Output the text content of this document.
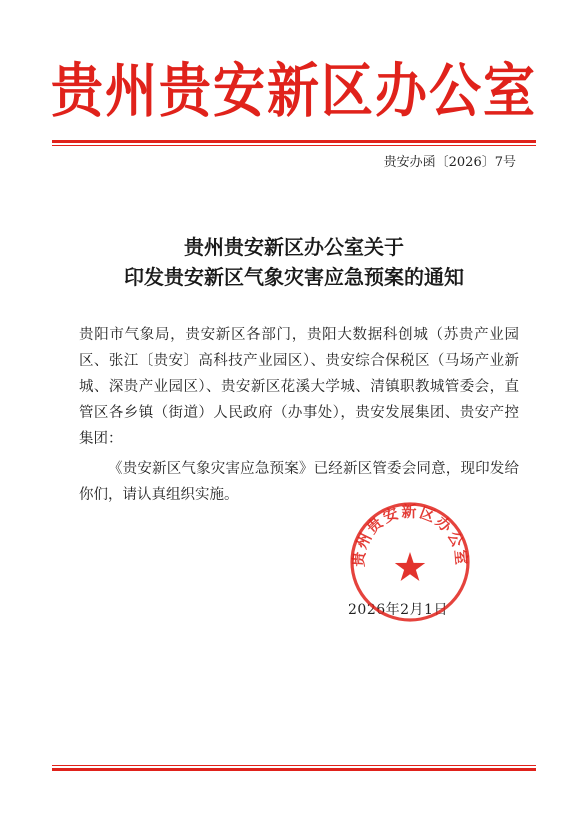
贵州贵安新区办公室
贵安办函〔2026〕7号
贵州贵安新区办公室关于
印发贵安新区气象灾害应急预案的通知

贵阳市气象局，贵安新区各部门，贵阳大数据科创城（苏贵产业园区、张江〔贵安〕高科技产业园区）、贵安综合保税区（马场产业新城、深贵产业园区）、贵安新区花溪大学城、清镇职教城管委会，直管区各乡镇（街道）人民政府（办事处），贵安发展集团、贵安产控集团：

《贵安新区气象灾害应急预案》已经新区管委会同意，现印发给你们，请认真组织实施。

2026年2月1日
贵州贵安新区办公室
